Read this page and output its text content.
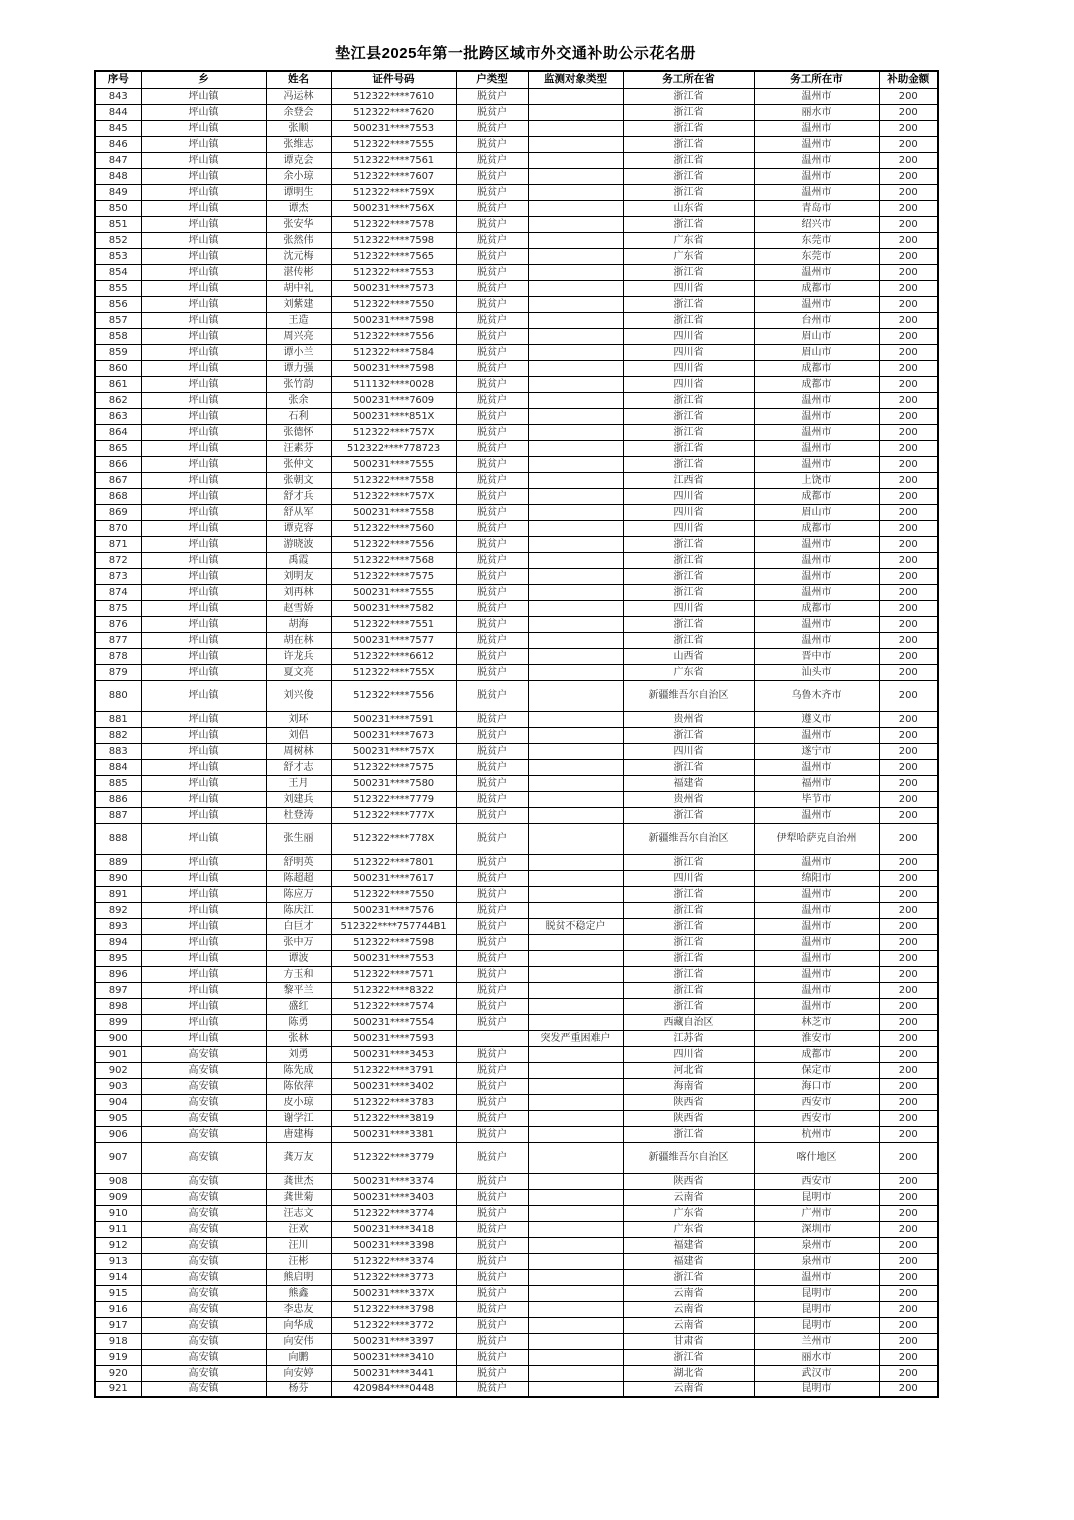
垫江县2025年第一批跨区域市外交通补助公示花名册
序号	乡	姓名	证件号码	户类型	监测对象类型	务工所在省	务工所在市	补助金额
843	坪山镇	冯运林	512322****7610	脱贫户		浙江省	温州市	200
844	坪山镇	余登会	512322****7620	脱贫户		浙江省	丽水市	200
845	坪山镇	张顺	500231****7553	脱贫户		浙江省	温州市	200
846	坪山镇	张维志	512322****7555	脱贫户		浙江省	温州市	200
847	坪山镇	谭克会	512322****7561	脱贫户		浙江省	温州市	200
848	坪山镇	余小琼	512322****7607	脱贫户		浙江省	温州市	200
849	坪山镇	谭明生	512322****759X	脱贫户		浙江省	温州市	200
850	坪山镇	谭杰	500231****756X	脱贫户		山东省	青岛市	200
851	坪山镇	张安华	512322****7578	脱贫户		浙江省	绍兴市	200
852	坪山镇	张然伟	512322****7598	脱贫户		广东省	东莞市	200
853	坪山镇	沈元梅	512322****7565	脱贫户		广东省	东莞市	200
854	坪山镇	湛传彬	512322****7553	脱贫户		浙江省	温州市	200
855	坪山镇	胡中礼	500231****7573	脱贫户		四川省	成都市	200
856	坪山镇	刘紫建	512322****7550	脱贫户		浙江省	温州市	200
857	坪山镇	王造	500231****7598	脱贫户		浙江省	台州市	200
858	坪山镇	周兴亮	512322****7556	脱贫户		四川省	眉山市	200
859	坪山镇	谭小兰	512322****7584	脱贫户		四川省	眉山市	200
860	坪山镇	谭力强	500231****7598	脱贫户		四川省	成都市	200
861	坪山镇	张竹韵	511132****0028	脱贫户		四川省	成都市	200
862	坪山镇	张余	500231****7609	脱贫户		浙江省	温州市	200
863	坪山镇	石利	500231****851X	脱贫户		浙江省	温州市	200
864	坪山镇	张德怀	512322****757X	脱贫户		浙江省	温州市	200
865	坪山镇	汪素芬	512322****778723	脱贫户		浙江省	温州市	200
866	坪山镇	张仲文	500231****7555	脱贫户		浙江省	温州市	200
867	坪山镇	张朝文	512322****7558	脱贫户		江西省	上饶市	200
868	坪山镇	舒才兵	512322****757X	脱贫户		四川省	成都市	200
869	坪山镇	舒从军	500231****7558	脱贫户		四川省	眉山市	200
870	坪山镇	谭克容	512322****7560	脱贫户		四川省	成都市	200
871	坪山镇	游晓波	512322****7556	脱贫户		浙江省	温州市	200
872	坪山镇	禹霞	512322****7568	脱贫户		浙江省	温州市	200
873	坪山镇	刘明友	512322****7575	脱贫户		浙江省	温州市	200
874	坪山镇	刘再林	500231****7555	脱贫户		浙江省	温州市	200
875	坪山镇	赵雪娇	500231****7582	脱贫户		四川省	成都市	200
876	坪山镇	胡海	512322****7551	脱贫户		浙江省	温州市	200
877	坪山镇	胡在林	500231****7577	脱贫户		浙江省	温州市	200
878	坪山镇	许龙兵	512322****6612	脱贫户		山西省	晋中市	200
879	坪山镇	夏文亮	512322****755X	脱贫户		广东省	汕头市	200
880	坪山镇	刘兴俊	512322****7556	脱贫户		新疆维吾尔自治区	乌鲁木齐市	200
881	坪山镇	刘环	500231****7591	脱贫户		贵州省	遵义市	200
882	坪山镇	刘侣	500231****7673	脱贫户		浙江省	温州市	200
883	坪山镇	周树林	500231****757X	脱贫户		四川省	遂宁市	200
884	坪山镇	舒才志	512322****7575	脱贫户		浙江省	温州市	200
885	坪山镇	王月	500231****7580	脱贫户		福建省	福州市	200
886	坪山镇	刘建兵	512322****7779	脱贫户		贵州省	毕节市	200
887	坪山镇	杜登涛	512322****777X	脱贫户		浙江省	温州市	200
888	坪山镇	张生丽	512322****778X	脱贫户		新疆维吾尔自治区	伊犁哈萨克自治州	200
889	坪山镇	舒明英	512322****7801	脱贫户		浙江省	温州市	200
890	坪山镇	陈超超	500231****7617	脱贫户		四川省	绵阳市	200
891	坪山镇	陈应万	512322****7550	脱贫户		浙江省	温州市	200
892	坪山镇	陈庆江	500231****7576	脱贫户		浙江省	温州市	200
893	坪山镇	白巨才	512322****757744B1	脱贫户	脱贫不稳定户	浙江省	温州市	200
894	坪山镇	张中万	512322****7598	脱贫户		浙江省	温州市	200
895	坪山镇	谭波	500231****7553	脱贫户		浙江省	温州市	200
896	坪山镇	方玉和	512322****7571	脱贫户		浙江省	温州市	200
897	坪山镇	黎平兰	512322****8322	脱贫户		浙江省	温州市	200
898	坪山镇	盛红	512322****7574	脱贫户		浙江省	温州市	200
899	坪山镇	陈勇	500231****7554	脱贫户		西藏自治区	林芝市	200
900	坪山镇	张林	500231****7593		突发严重困难户	江苏省	淮安市	200
901	高安镇	刘勇	500231****3453	脱贫户		四川省	成都市	200
902	高安镇	陈先成	512322****3791	脱贫户		河北省	保定市	200
903	高安镇	陈依萍	500231****3402	脱贫户		海南省	海口市	200
904	高安镇	皮小琼	512322****3783	脱贫户		陕西省	西安市	200
905	高安镇	谢学江	512322****3819	脱贫户		陕西省	西安市	200
906	高安镇	唐建梅	500231****3381	脱贫户		浙江省	杭州市	200
907	高安镇	龚万友	512322****3779	脱贫户		新疆维吾尔自治区	喀什地区	200
908	高安镇	龚世杰	500231****3374	脱贫户		陕西省	西安市	200
909	高安镇	龚世菊	500231****3403	脱贫户		云南省	昆明市	200
910	高安镇	汪志文	512322****3774	脱贫户		广东省	广州市	200
911	高安镇	汪欢	500231****3418	脱贫户		广东省	深圳市	200
912	高安镇	汪川	500231****3398	脱贫户		福建省	泉州市	200
913	高安镇	汪彬	512322****3374	脱贫户		福建省	泉州市	200
914	高安镇	熊启明	512322****3773	脱贫户		浙江省	温州市	200
915	高安镇	熊鑫	500231****337X	脱贫户		云南省	昆明市	200
916	高安镇	李忠友	512322****3798	脱贫户		云南省	昆明市	200
917	高安镇	向华成	512322****3772	脱贫户		云南省	昆明市	200
918	高安镇	向安伟	500231****3397	脱贫户		甘肃省	兰州市	200
919	高安镇	向鹏	500231****3410	脱贫户		浙江省	丽水市	200
920	高安镇	向安婷	500231****3441	脱贫户		湖北省	武汉市	200
921	高安镇	杨芬	420984****0448	脱贫户		云南省	昆明市	200
